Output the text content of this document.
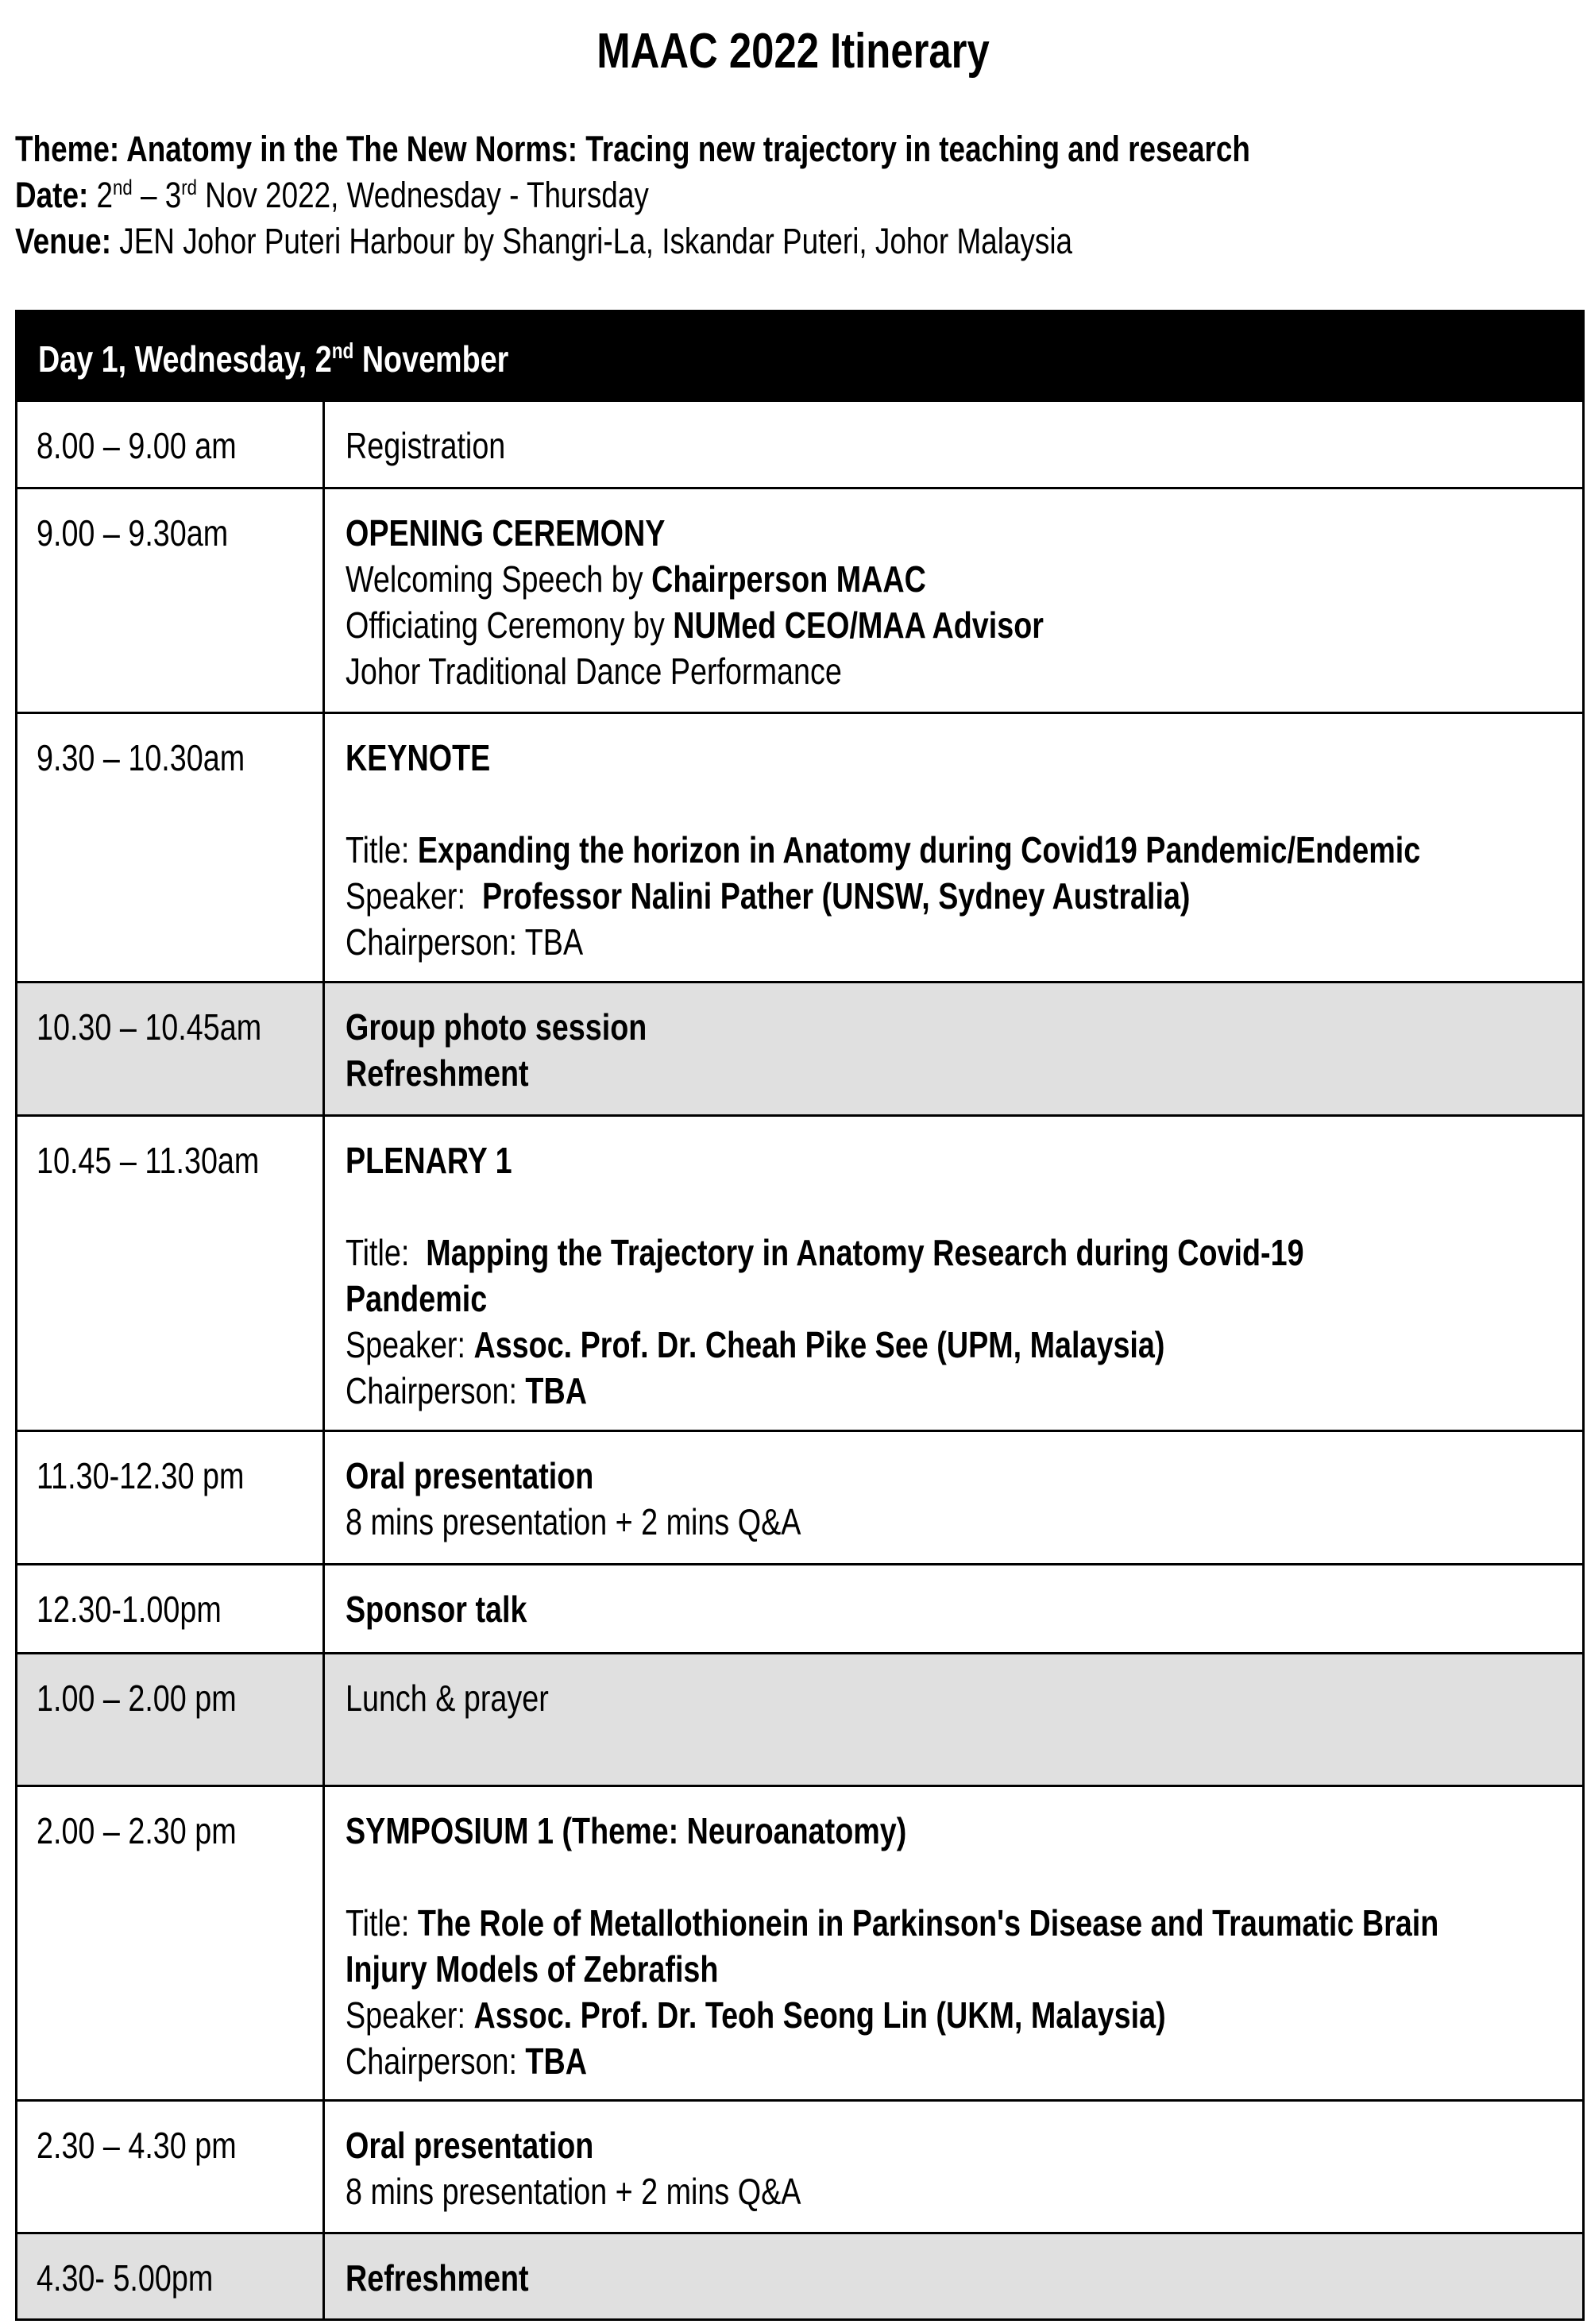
MAAC 2022 Itinerary
Theme: Anatomy in the The New Norms: Tracing new trajectory in teaching and research
Date: 2nd – 3rd Nov 2022, Wednesday - Thursday
Venue: JEN Johor Puteri Harbour by Shangri-La, Iskandar Puteri, Johor Malaysia
Day 1, Wednesday, 2nd November
8.00 – 9.00 am	Registration
9.00 – 9.30am	OPENING CEREMONY
Welcoming Speech by Chairperson MAAC
Officiating Ceremony by NUMed CEO/MAA Advisor
Johor Traditional Dance Performance
9.30 – 10.30am	KEYNOTE
Title: Expanding the horizon in Anatomy during Covid19 Pandemic/Endemic
Speaker:  Professor Nalini Pather (UNSW, Sydney Australia)
Chairperson: TBA
10.30 – 10.45am	Group photo session
Refreshment
10.45 – 11.30am	PLENARY 1
Title:  Mapping the Trajectory in Anatomy Research during Covid-19
Pandemic
Speaker: Assoc. Prof. Dr. Cheah Pike See (UPM, Malaysia)
Chairperson: TBA
11.30-12.30 pm	Oral presentation
8 mins presentation + 2 mins Q&A
12.30-1.00pm	Sponsor talk
1.00 – 2.00 pm	Lunch & prayer
2.00 – 2.30 pm	SYMPOSIUM 1 (Theme: Neuroanatomy)
Title: The Role of Metallothionein in Parkinson's Disease and Traumatic Brain
Injury Models of Zebrafish
Speaker: Assoc. Prof. Dr. Teoh Seong Lin (UKM, Malaysia)
Chairperson: TBA
2.30 – 4.30 pm	Oral presentation
8 mins presentation + 2 mins Q&A
4.30- 5.00pm	Refreshment
